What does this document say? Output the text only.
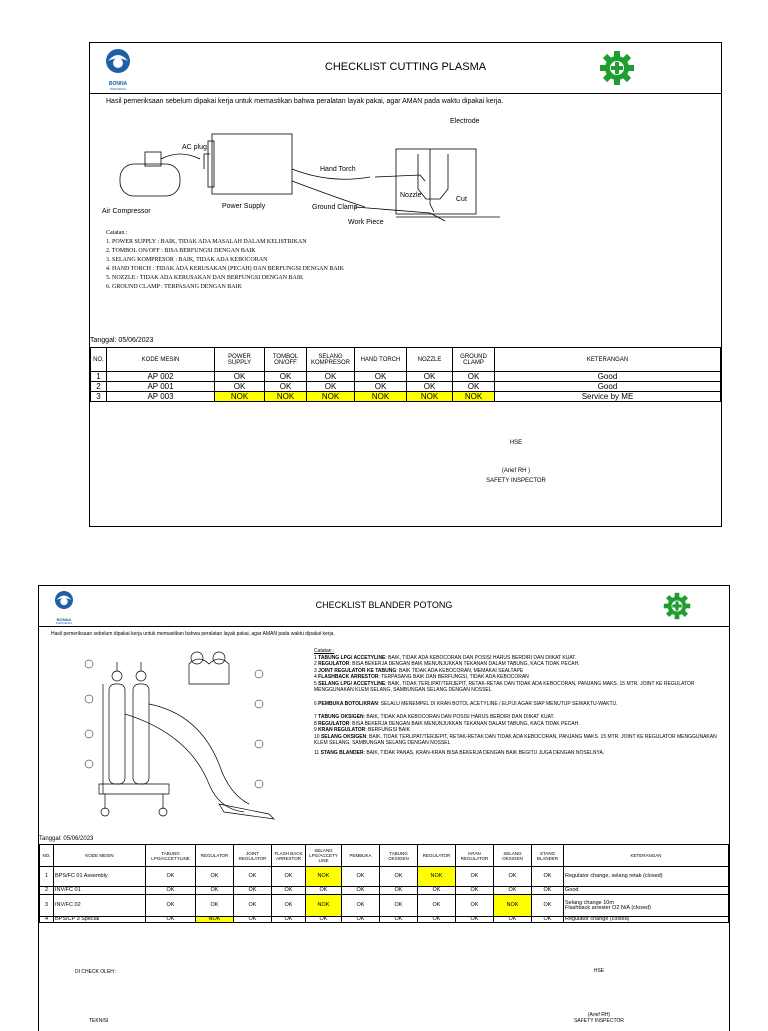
BONNA
INDONESIA
CHECKLIST CUTTING PLASMA
Hasil pemeriksaan sebelum dipakai kerja untuk memastikan bahwa peralatan layak pakai, agar AMAN pada waktu dipakai kerja.
AC plug
Power Supply
Air Compressor
Hand Torch
Ground Clamp
Work Piece
Electrode
Nozzle
Cut
Catatan :
1. POWER SUPPLY : BAIK, TIDAK ADA MASALAH DALAM KELISTRIKAN
2. TOMBOL ON/OFF : BISA BERFUNGSI DENGAN BAIK
3. SELANG KOMPRESOR : BAIK, TIDAK ADA KEBOCORAN
4. HAND TORCH : TIDAK ADA KERUSAKAN (PECAH) DAN BERFUNGSI DENGAN BAIK
5. NOZZLE : TIDAK ADA KERUSAKAN DAN BERFUNGSI DENGAN BAIK
6. GROUND CLAMP : TERPASANG DENGAN BAIK
Tanggal: 05/06/2023
NO.	KODE MESIN	POWER SUPPLY	TOMBOL ON/OFF	SELANG KOMPRESOR	HAND TORCH	NOZZLE	GROUND CLAMP	KETERANGAN
1	AP 002	OK	OK	OK	OK	OK	OK	Good
2	AP 001	OK	OK	OK	OK	OK	OK	Good
3	AP 003	NOK	NOK	NOK	NOK	NOK	NOK	Service by ME
HSE
(Arief RH )
SAFETY INSPECTOR
BONNA
INDONESIA
CHECKLIST BLANDER POTONG
Hasil pemeriksaan sebelum dipakai kerja untuk memastikan bahwa peralatan layak pakai, agar AMAN pada waktu dipakai kerja.
Catatan :
1 TABUNG LPG/ ACCETYLINE: BAIK, TIDAK ADA KEBOCORAN DAN POSISI HARUS BERDIRI DAN DIIKAT KUAT.
2 REGULATOR: BISA BEKERJA DENGAN BAIK MENUNJUKKAN TEKANAN DALAM TABUNG, KACA TIDAK PECAH.
3 JOINT REGULATOR KE TABUNG: BAIK TIDAK ADA KEBOCORAN, MEMAKAI SEALTAPE
4 FLASHBACK ARRESTOR: TERPASANG BAIK DAN BERFUNGSI, TIDAK ADA KEBOCORAN
5 SELANG LPG/ ACCETYLINE: BAIK, TIDAK TERLIPAT/TERJEPIT, RETAK-RETAK DAN TIDAK ADA KEBOCORAN, PANJANG MAKS. 15 MTR. JOINT KE REGULATOR MENGGUNAKAN KLEM SELANG, SAMBUNGAN SELANG DENGAN NOSSEL
6 PEMBUKA BOTOL/KRAN: SELALU MENEMPEL DI KRAN BOTOL ACETYLINE / ELPIJI AGAR SIAP MENUTUP SEWAKTU-WAKTU.
7 TABUNG OKSIGEN: BAIK, TIDAK ADA KEBOCORAN DAN POSISI HARUS BERDIRI DAN DIIKAT KUAT.
8 REGULATOR: BISA BEKERJA DENGAN BAIK MENUNJUKKAN TEKANAN DALAM TABUNG, KACA TIDAK PECAH.
9 KRAN REGULATOR: BERFUNGSI BAIK
10 SELANG OKSIGEN: BAIK, TIDAK TERLIPAT/TERJEPIT, RETAK-RETAK DAN TIDAK ADA KEBOCORAN, PANJANG MAKS. 15 MTR. JOINT KE REGULATOR MENGGUNAKAN KLEM SELANG, SAMBUNGAN SELANG DENGAN NOSSEL
11 STANG BLANDER: BAIK, TIDAK PANAS, KRAN-KRAN BISA BEKERJA DENGAN BAIK BEGITU JUGA DENGAN NOSELNYA.
Tanggal: 05/06/2023
NO.	KODE MESIN	TABUNG LPG/ACCETYLINE	REGULATOR	JOINT REGULATOR	FLASH BACK ARRESTOR	SELANG LPG/ACCETY LINE	PEMBUKA	TABUNG OKSIGEN	REGULATOR	KRAN REGULATOR	SELANG OKSIGEN	STANG BLANDER	KETERANGAN
1	BPS/FC 01 Assembly	OK	OK	OK	OK	NOK	OK	OK	NOK	OK	OK	OK	Regulator change, selang retak (closed)
2	INV/FC 01	OK	OK	OK	OK	OK	OK	OK	OK	OK	OK	OK	Good
3	INV/FC 02	OK	OK	OK	OK	NOK	OK	OK	OK	OK	NOK	OK	Selang change 10m
Flashback arrester O2 N/A (closed)

4	BPS/CP 3 Special	OK	NOK	OK	OK	OK	OK	OK	OK	OK	OK	OK	Regulator change (closed)
DI CHECK OLEH :
TEKNISI
HSE
(Arief RH)
SAFETY INSPECTOR
